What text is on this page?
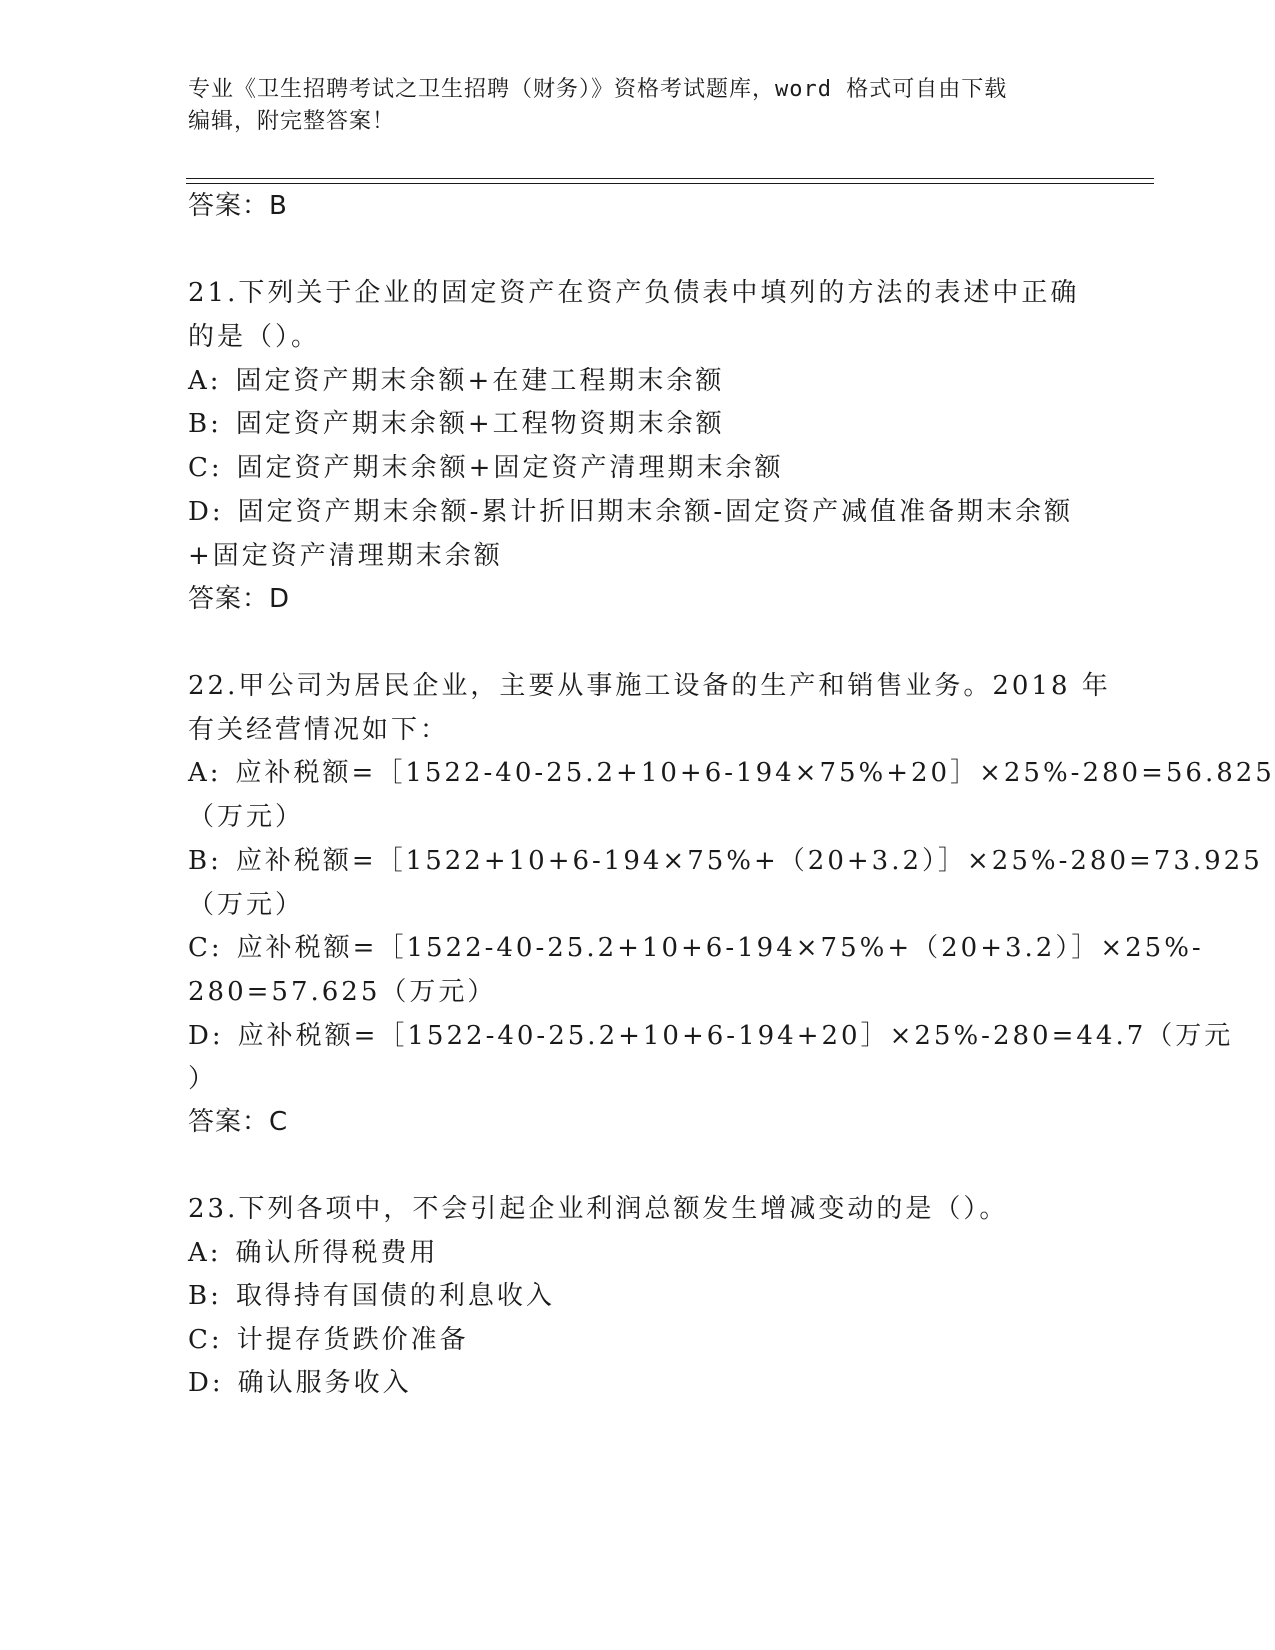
专业《卫生招聘考试之卫生招聘（财务）》资格考试题库，word 格式可自由下载
编辑，附完整答案！
答案：B
21.下列关于企业的固定资产在资产负债表中填列的方法的表述中正确
的是（）。
A: 固定资产期末余额+在建工程期末余额
B: 固定资产期末余额+工程物资期末余额
C: 固定资产期末余额+固定资产清理期末余额
D: 固定资产期末余额-累计折旧期末余额-固定资产减值准备期末余额
+固定资产清理期末余额
答案：D
22.甲公司为居民企业，主要从事施工设备的生产和销售业务。2018 年
有关经营情况如下：
A: 应补税额=［1522-40-25.2+10+6-194×75%+20］×25%-280=56.825
（万元）
B: 应补税额=［1522+10+6-194×75%+（20+3.2）］×25%-280=73.925
（万元）
C: 应补税额=［1522-40-25.2+10+6-194×75%+（20+3.2）］×25%-
280=57.625（万元）
D: 应补税额=［1522-40-25.2+10+6-194+20］×25%-280=44.7（万元
）
答案：C
23.下列各项中，不会引起企业利润总额发生增减变动的是（）。
A: 确认所得税费用
B: 取得持有国债的利息收入
C: 计提存货跌价准备
D: 确认服务收入
